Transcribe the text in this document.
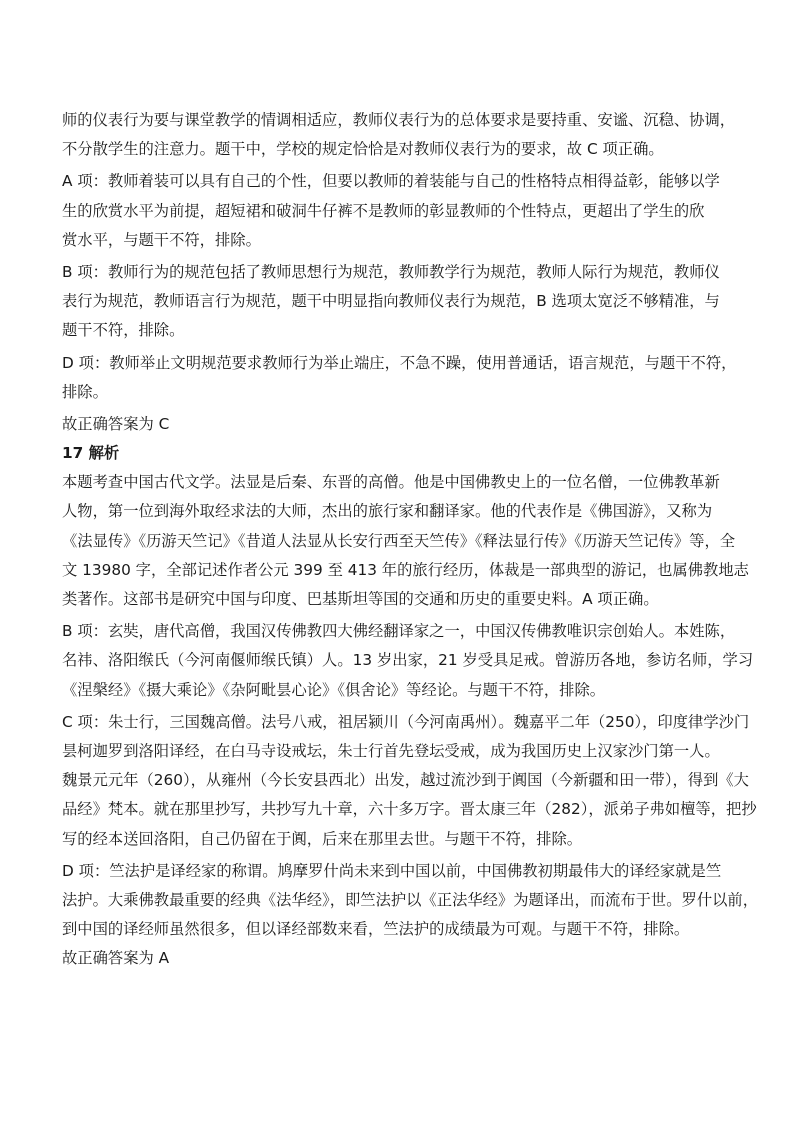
师的仪表行为要与课堂教学的情调相适应，教师仪表行为的总体要求是要持重、安谧、沉稳、协调，
不分散学生的注意力。题干中，学校的规定恰恰是对教师仪表行为的要求，故 C 项正确。
A 项：教师着装可以具有自己的个性，但要以教师的着装能与自己的性格特点相得益彰，能够以学
生的欣赏水平为前提，超短裙和破洞牛仔裤不是教师的彰显教师的个性特点，更超出了学生的欣
赏水平，与题干不符，排除。
B 项：教师行为的规范包括了教师思想行为规范，教师教学行为规范，教师人际行为规范，教师仪
表行为规范，教师语言行为规范，题干中明显指向教师仪表行为规范，B 选项太宽泛不够精准，与
题干不符，排除。
D 项：教师举止文明规范要求教师行为举止端庄，不急不躁，使用普通话，语言规范，与题干不符，
排除。
故正确答案为 C
17 解析
本题考查中国古代文学。法显是后秦、东晋的高僧。他是中国佛教史上的一位名僧，一位佛教革新
人物，第一位到海外取经求法的大师，杰出的旅行家和翻译家。他的代表作是《佛国游》，又称为
《法显传》《历游天竺记》《昔道人法显从长安行西至天竺传》《释法显行传》《历游天竺记传》等，全
文 13980 字，全部记述作者公元 399 至 413 年的旅行经历，体裁是一部典型的游记，也属佛教地志
类著作。这部书是研究中国与印度、巴基斯坦等国的交通和历史的重要史料。A 项正确。
B 项：玄奘，唐代高僧，我国汉传佛教四大佛经翻译家之一，中国汉传佛教唯识宗创始人。本姓陈，
名祎、洛阳缑氏（今河南偃师缑氏镇）人。13 岁出家，21 岁受具足戒。曾游历各地，参访名师，学习
《涅槃经》《摄大乘论》《杂阿毗昙心论》《俱舍论》等经论。与题干不符，排除。
C 项：朱士行，三国魏高僧。法号八戒，祖居颍川（今河南禹州）。魏嘉平二年（250），印度律学沙门
昙柯迦罗到洛阳译经，在白马寺设戒坛，朱士行首先登坛受戒，成为我国历史上汉家沙门第一人。
魏景元元年（260），从雍州（今长安县西北）出发，越过流沙到于阗国（今新疆和田一带），得到《大
品经》梵本。就在那里抄写，共抄写九十章，六十多万字。晋太康三年（282），派弟子弗如檀等，把抄
写的经本送回洛阳，自己仍留在于阗，后来在那里去世。与题干不符，排除。
D 项：竺法护是译经家的称谓。鸠摩罗什尚未来到中国以前，中国佛教初期最伟大的译经家就是竺
法护。大乘佛教最重要的经典《法华经》，即竺法护以《正法华经》为题译出，而流布于世。罗什以前，
到中国的译经师虽然很多，但以译经部数来看，竺法护的成绩最为可观。与题干不符，排除。
故正确答案为 A
